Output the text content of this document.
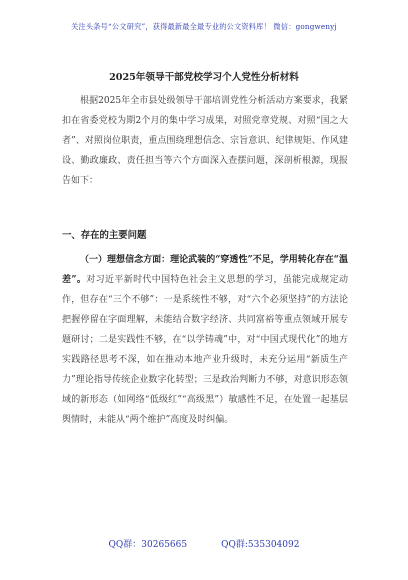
关注头条号“公文研究”，获得最新最全最专业的公文资料库！ 微信：gongwenyj
2025年领导干部党校学习个人党性分析材料
根据2025年全市县处级领导干部培训党性分析活动方案要求，我紧扣在省委党校为期2个月的集中学习成果，对照党章党规、对照“国之大者”、对照岗位职责，重点围绕理想信念、宗旨意识、纪律规矩、作风建设、勤政廉政、责任担当等六个方面深入查摆问题，深剖析根源，现报告如下：
一、存在的主要问题
（一）理想信念方面：理论武装的“穿透性”不足，学用转化存在“温差”。对习近平新时代中国特色社会主义思想的学习，虽能完成规定动作，但存在“三个不够”：一是系统性不够，对“六个必须坚持”的方法论把握停留在字面理解，未能结合数字经济、共同富裕等重点领域开展专题研讨；二是实践性不够，在“以学铸魂”中，对“中国式现代化”的地方实践路径思考不深，如在推动本地产业升级时，未充分运用“新质生产力”理论指导传统企业数字化转型；三是政治判断力不够，对意识形态领域的新形态（如网络“低级红”“高级黑”）敏感性不足，在处置一起基层舆情时，未能从“两个维护”高度及时纠偏。
QQ群：30265665	QQ群:535304092
